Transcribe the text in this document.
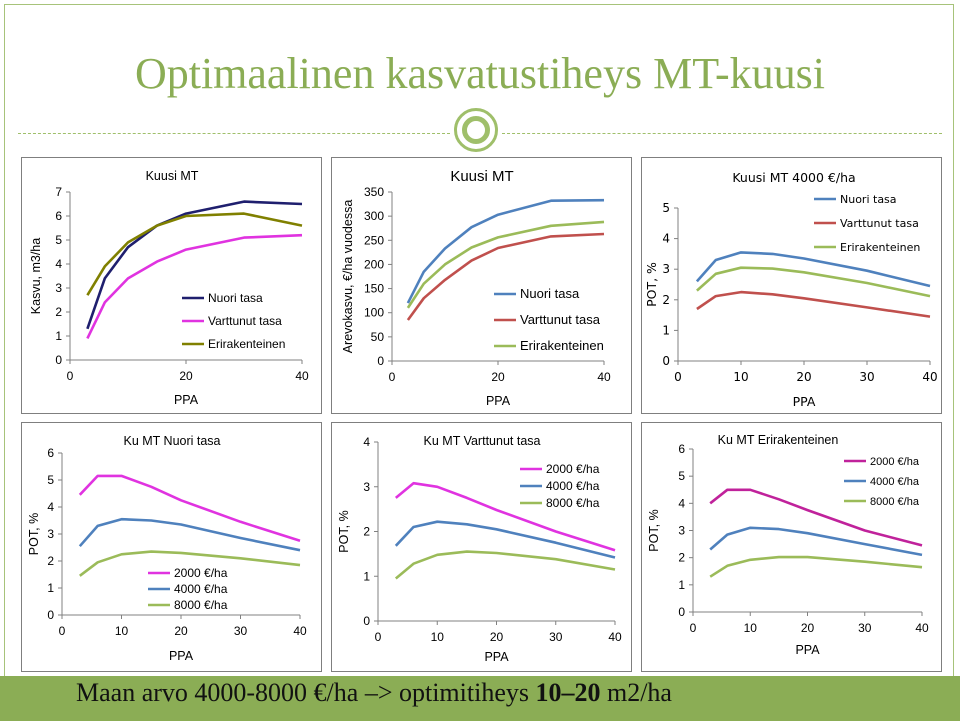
Optimaalinen kasvatustiheys MT-kuusi
0
1
2
3
4
5
6
7
0	20	40
Kuusi MT
PPA
Kasvu, m3/ha	Nuori tasa
Varttunut tasa
Erirakenteinen
0
50
100
150
200
250
300
350
0	20	40
Kuusi MT
PPA
Arevokasvu, €/ha vuodessa	Nuori tasa
Varttunut tasa
Erirakenteinen
0
1
2
3
4
5
0	10	20	30	40
Kuusi MT 4000 €/ha
PPA
POT, %
Nuori tasa
Varttunut tasa
Erirakenteinen
0
1
2
3
4
5
6
0	10	20	30	40
Ku MT Nuori tasa
PPA
POT, %
2000 €/ha
4000 €/ha
8000 €/ha
0
1
2
3
4
0	10	20	30	40
Ku MT Varttunut tasa
PPA
POT, %
2000 €/ha
4000 €/ha
8000 €/ha
0
1
2
3
4
5
6
0	10	20	30	40
Ku MT Erirakenteinen
PPA
POT, %
2000 €/ha
4000 €/ha
8000 €/ha
Maan arvo 4000-8000 €/ha –> optimitiheys 10–20 m2/ha
